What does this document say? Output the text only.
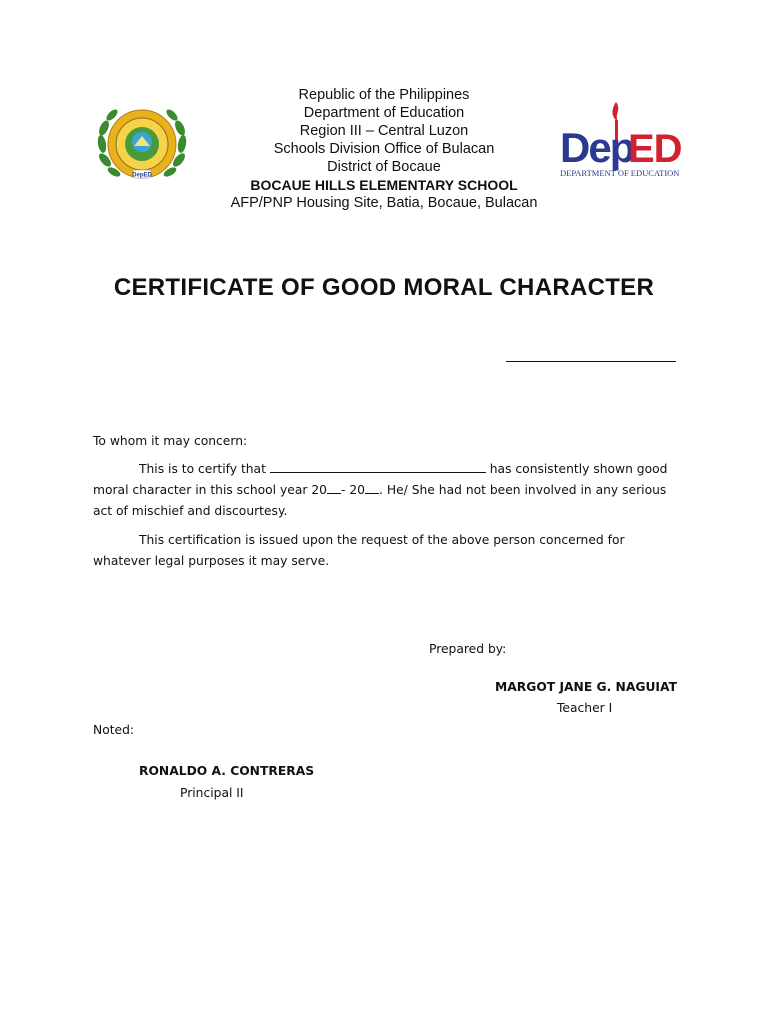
DepED
Dep
ED
DEPARTMENT OF EDUCATION
Republic of the Philippines
Department of Education
Region III – Central Luzon
Schools Division Office of Bulacan
District of Bocaue
BOCAUE HILLS ELEMENTARY SCHOOL
AFP/PNP Housing Site, Batia, Bocaue, Bulacan
CERTIFICATE OF GOOD MORAL CHARACTER
To whom it may concern:
This is to certify that	has consistently shown good moral character in this school year 20 - 20 . He/ She had not been involved in any serious act of mischief and discourtesy.
This certification is issued upon the request of the above person concerned for whatever legal purposes it may serve.
Prepared by:
MARGOT JANE G. NAGUIAT
Teacher I
Noted:
RONALDO A. CONTRERAS
Principal II
